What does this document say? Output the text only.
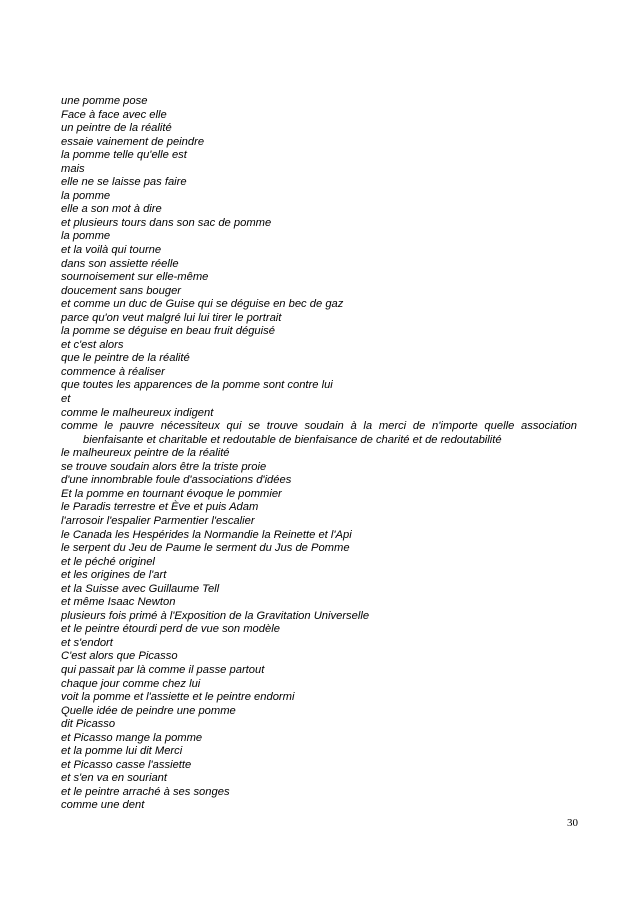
une pomme pose
Face à face avec elle
un peintre de la réalité
essaie vainement de peindre
la pomme telle qu'elle est
mais
elle ne se laisse pas faire
la pomme
elle a son mot à dire
et plusieurs tours dans son sac de pomme
la pomme
et la voilà qui tourne
dans son assiette réelle
sournoisement sur elle-même
doucement sans bouger
et comme un duc de Guise qui se déguise en bec de gaz
parce qu'on veut malgré lui lui tirer le portrait
la pomme se déguise en beau fruit déguisé
et c'est alors
que le peintre de la réalité
commence à réaliser
que toutes les apparences de la pomme sont contre lui
et
comme le malheureux indigent
comme le pauvre nécessiteux qui se trouve soudain à la merci de n'importe quelle association bienfaisante et charitable et redoutable de bienfaisance de charité et de redoutabilité
le malheureux peintre de la réalité
se trouve soudain alors être la triste proie
d'une innombrable foule d'associations d'idées
Et la pomme en tournant évoque le pommier
le Paradis terrestre et Ève et puis Adam
l'arrosoir l'espalier Parmentier l'escalier
le Canada les Hespérides la Normandie la Reinette et l'Api
le serpent du Jeu de Paume le serment du Jus de Pomme
et le péché originel
et les origines de l'art
et la Suisse avec Guillaume Tell
et même Isaac Newton
plusieurs fois primé à l'Exposition de la Gravitation Universelle
et le peintre étourdi perd de vue son modèle
et s'endort
C'est alors que Picasso
qui passait par là comme il passe partout
chaque jour comme chez lui
voit la pomme et l'assiette et le peintre endormi
Quelle idée de peindre une pomme
dit Picasso
et Picasso mange la pomme
et la pomme lui dit Merci
et Picasso casse l'assiette
et s'en va en souriant
et le peintre arraché à ses songes
comme une dent
30
